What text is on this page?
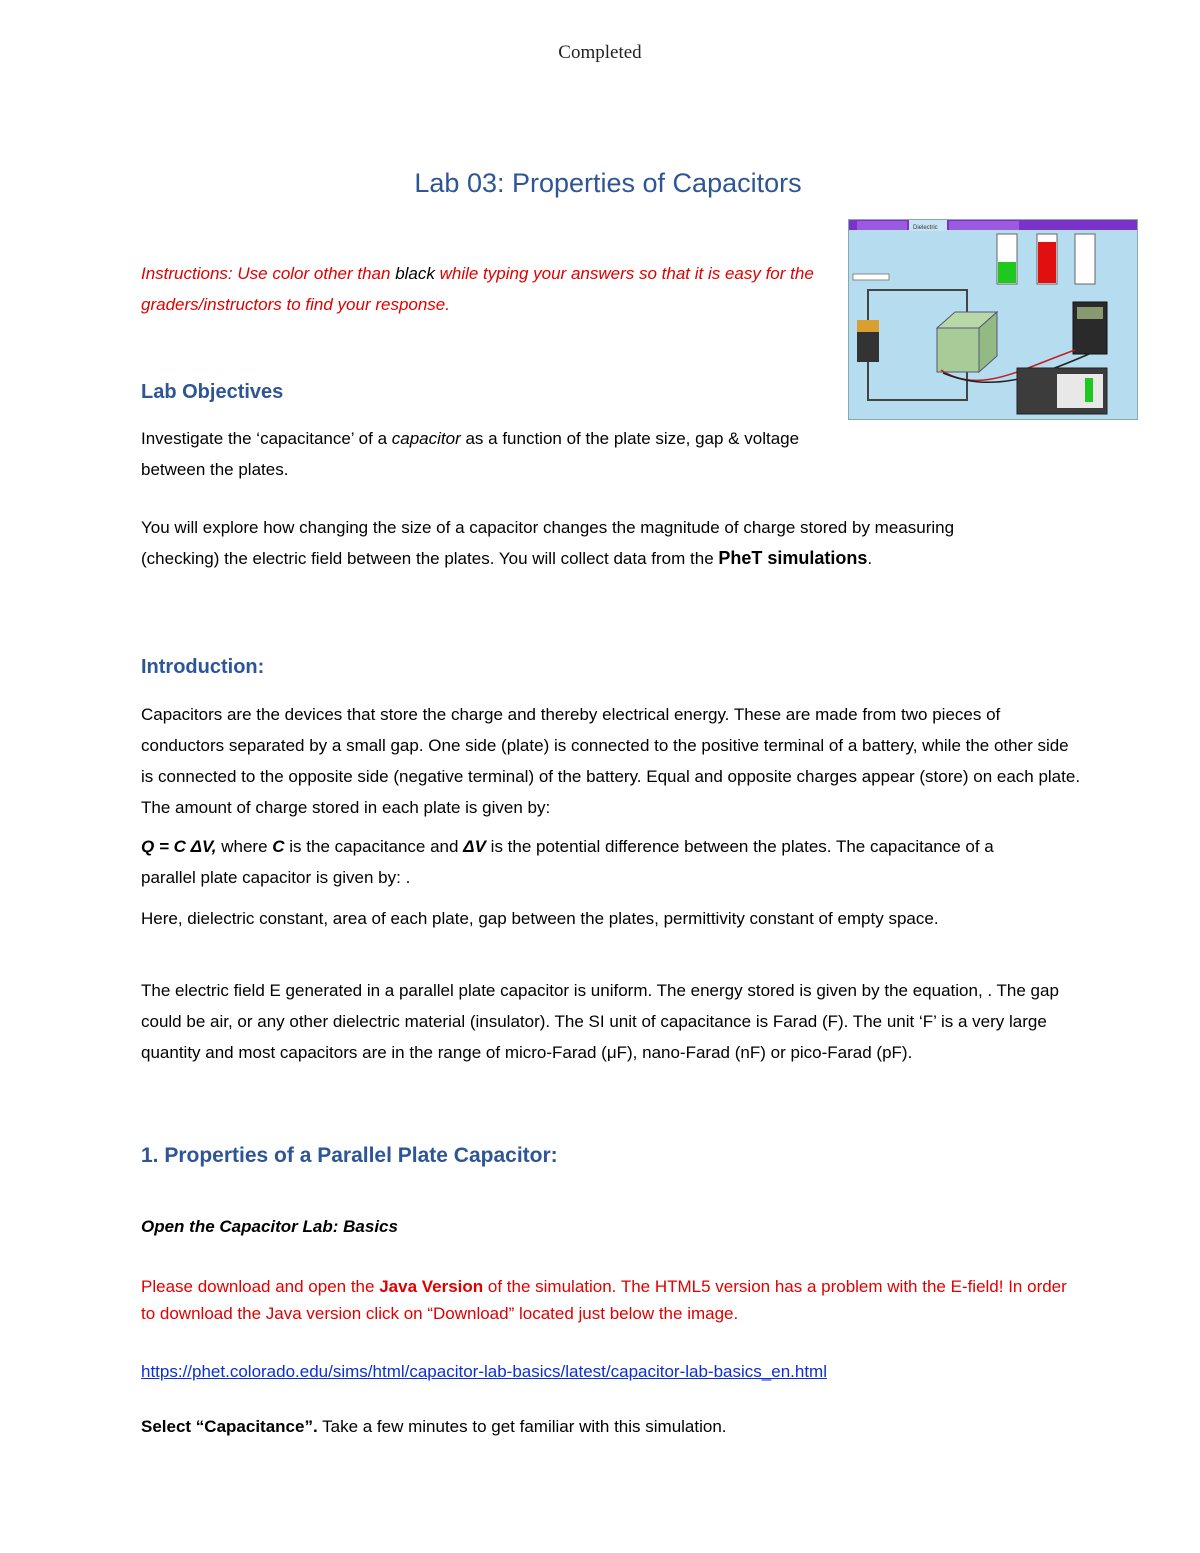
Completed
Lab 03: Properties of Capacitors
Instructions: Use color other than black while typing your answers so that it is easy for the graders/instructors to find your response.
Dielectric
Lab Objectives
Investigate the ‘capacitance’ of a capacitor as a function of the plate size, gap & voltage between the plates.
You will explore how changing the size of a capacitor changes the magnitude of charge stored by measuring (checking) the electric field between the plates. You will collect data from the PheT simulations.
Introduction:
Capacitors are the devices that store the charge and thereby electrical energy. These are made from two pieces of conductors separated by a small gap. One side (plate) is connected to the positive terminal of a battery, while the other side is connected to the opposite side (negative terminal) of the battery. Equal and opposite charges appear (store) on each plate. The amount of charge stored in each plate is given by:
Q = C ΔV, where C is the capacitance and ΔV is the potential difference between the plates. The capacitance of a parallel plate capacitor is given by: .
Here, dielectric constant, area of each plate, gap between the plates, permittivity constant of empty space.
The electric field E generated in a parallel plate capacitor is uniform. The energy stored is given by the equation, . The gap could be air, or any other dielectric material (insulator). The SI unit of capacitance is Farad (F). The unit ‘F’ is a very large quantity and most capacitors are in the range of micro-Farad (μF), nano-Farad (nF) or pico-Farad (pF).
1. Properties of a Parallel Plate Capacitor:
Open the Capacitor Lab: Basics
Please download and open the Java Version of the simulation. The HTML5 version has a problem with the E-field! In order to download the Java version click on “Download” located just below the image.
https://phet.colorado.edu/sims/html/capacitor-lab-basics/latest/capacitor-lab-basics_en.html
Select “Capacitance”. Take a few minutes to get familiar with this simulation.
